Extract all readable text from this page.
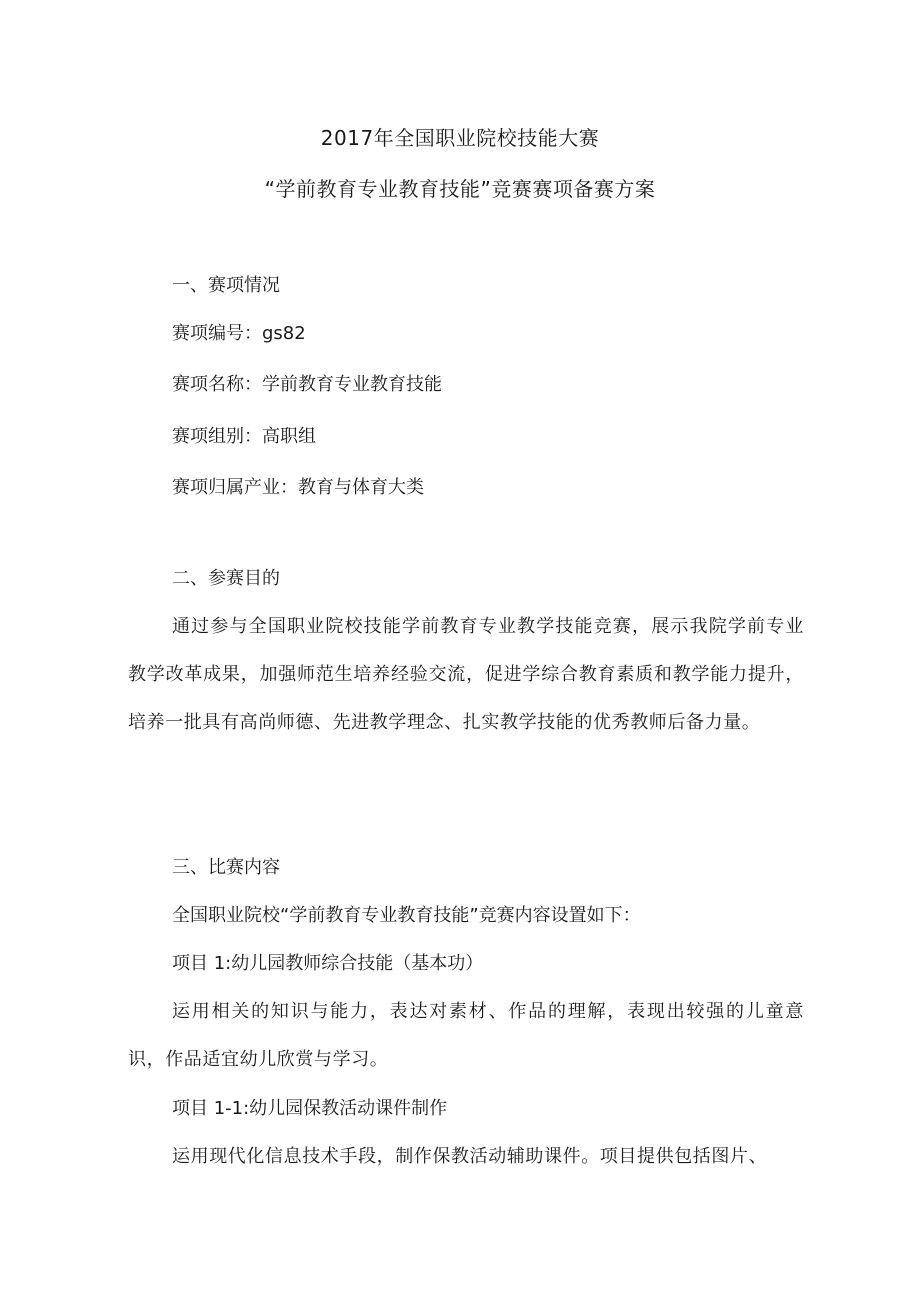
2017年全国职业院校技能大赛
“学前教育专业教育技能”竞赛赛项备赛方案
一、赛项情况
赛项编号：gs82
赛项名称：学前教育专业教育技能
赛项组别：高职组
赛项归属产业：教育与体育大类
二、参赛目的
通过参与全国职业院校技能学前教育专业教学技能竞赛，展示我院学前专业教学改革成果，加强师范生培养经验交流，促进学综合教育素质和教学能力提升，培养一批具有高尚师德、先进教学理念、扎实教学技能的优秀教师后备力量。
三、比赛内容
全国职业院校“学前教育专业教育技能”竞赛内容设置如下：
项目 1:幼儿园教师综合技能（基本功）
运用相关的知识与能力，表达对素材、作品的理解，表现出较强的儿童意识，作品适宜幼儿欣赏与学习。
项目 1-1:幼儿园保教活动课件制作
运用现代化信息技术手段，制作保教活动辅助课件。项目提供包括图片、
